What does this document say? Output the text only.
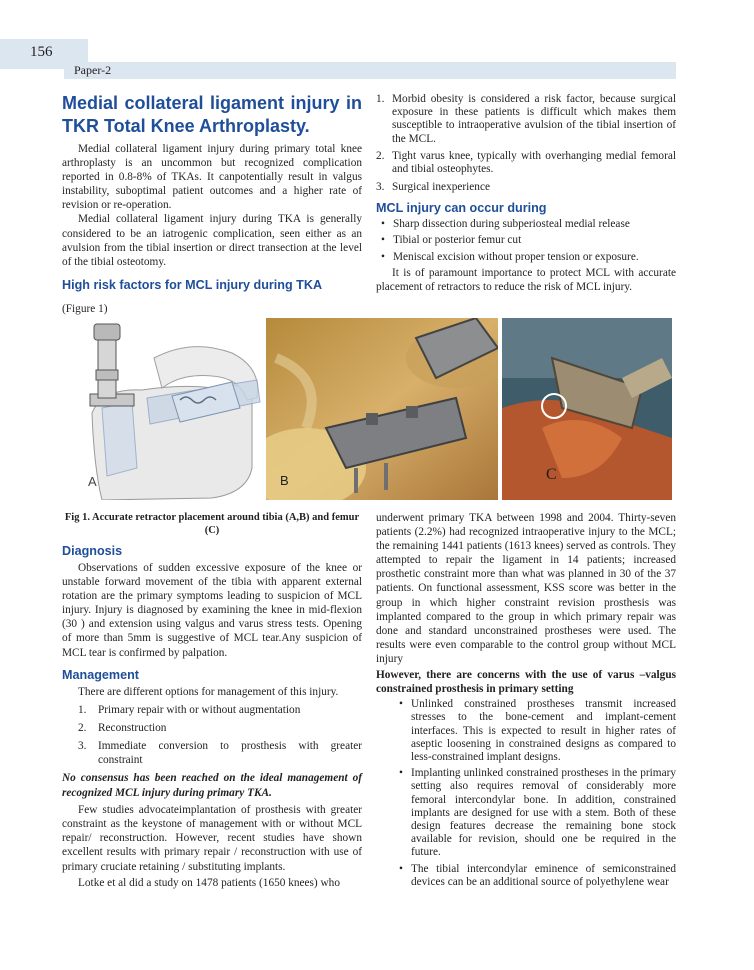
156
Paper-2
Medial collateral ligament injury in TKR Total Knee Arthroplasty.

Medial collateral ligament injury during primary total knee arthroplasty is an uncommon but recognized complication reported in 0.8-8% of TKAs. It canpotentially result in valgus instability, suboptimal patient outcomes and a higher rate of revision or re-operation.

Medial collateral ligament injury during TKA is generally considered to be an iatrogenic complication, seen either as an avulsion from the tibial insertion or direct transection at the level of the tibial osteotomy.

High risk factors for MCL injury during TKA

(Figure 1)

1. Morbid obesity is considered a risk factor, because surgical exposure in these patients is difficult which makes them susceptible to intraoperative avulsion of the tibial insertion of the MCL.
2. Tight varus knee, typically with overhanging medial femoral and tibial osteophytes.
3. Surgical inexperience
MCL injury can occur during
• Sharp dissection during subperiosteal medial release
• Tibial or posterior femur cut
• Meniscal excision without proper tension or exposure.

It is of paramount importance to protect MCL with accurate placement of retractors to reduce the risk of MCL injury.

A	B	C
Fig 1. Accurate retractor placement around tibia (A,B) and femur (C)
Diagnosis

Observations of sudden excessive exposure of the knee or unstable forward movement of the tibia with apparent external rotation are the primary symptoms leading to suspicion of MCL injury. Injury is diagnosed by examining the knee in mid-flexion (30 ) and extension using valgus and varus stress tests. Opening of more than 5mm is suggestive of MCL tear.Any suspicion of MCL tear is confirmed by palpation.

Management

There are different options for management of this injury.

1. Primary repair with or without augmentation
2. Reconstruction
3. Immediate conversion to prosthesis with greater constraint

No consensus has been reached on the ideal management of recognized MCL injury during primary TKA.

Few studies advocateimplantation of prosthesis with greater constraint as the keystone of management with or without MCL repair/ reconstruction. However, recent studies have shown excellent results with primary repair / reconstruction with use of primary cruciate retaining / substituting implants.

Lotke et al did a study on 1478 patients (1650 knees) who

underwent primary TKA between 1998 and 2004. Thirty-seven patients (2.2%) had recognized intraoperative injury to the MCL; the remaining 1441 patients (1613 knees) served as controls. They attempted to repair the ligament in 14 patients; increased prosthetic constraint more than what was planned in 30 of the 37 patients. On functional assessment, KSS score was better in the group in which higher constraint revision prosthesis was implanted compared to the group in which primary repair was done and standard unconstrained prostheses were used. The results were even comparable to the control group without MCL injury

However, there are concerns with the use of varus –valgus constrained prosthesis in primary setting

• Unlinked constrained prostheses transmit increased stresses to the bone-cement and implant-cement interfaces. This is expected to result in higher rates of aseptic loosening in constrained designs as compared to less-constrained implant designs.
• Implanting unlinked constrained prostheses in the primary setting also requires removal of considerably more femoral intercondylar bone. In addition, constrained implants are designed for use with a stem. Both of these design features decrease the remaining bone stock available for revision, should one be required in the future.
• The tibial intercondylar eminence of semiconstrained devices can be an additional source of polyethylene wear
